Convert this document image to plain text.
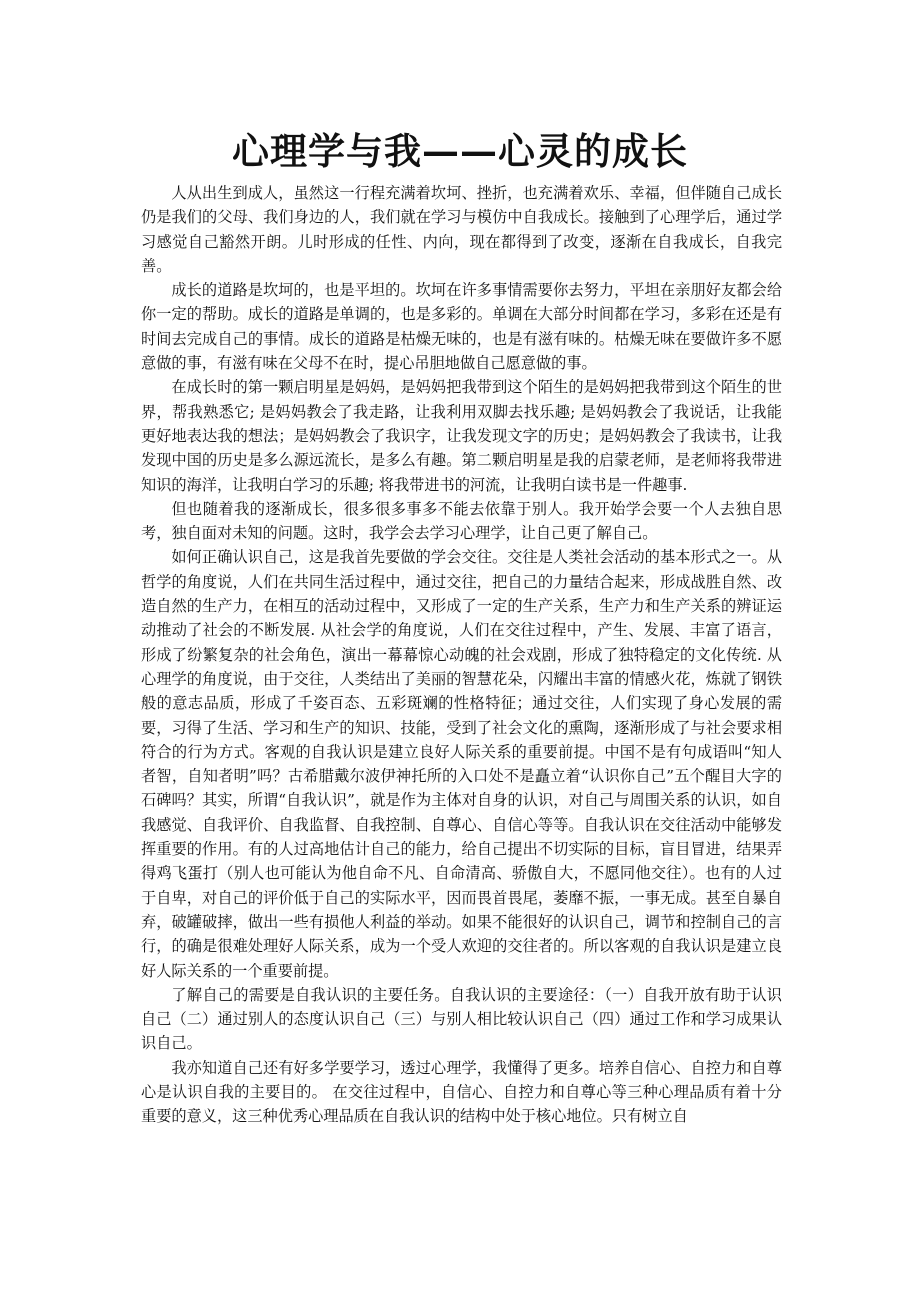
心理学与我——心灵的成长

人从出生到成人，虽然这一行程充满着坎坷、挫折，也充满着欢乐、幸福，但伴随自己成长仍是我们的父母、我们身边的人，我们就在学习与模仿中自我成长。接触到了心理学后，通过学习感觉自己豁然开朗。儿时形成的任性、内向，现在都得到了改变，逐渐在自我成长，自我完善。

成长的道路是坎坷的，也是平坦的。坎坷在许多事情需要你去努力，平坦在亲朋好友都会给你一定的帮助。成长的道路是单调的，也是多彩的。单调在大部分时间都在学习，多彩在还是有时间去完成自己的事情。成长的道路是枯燥无味的，也是有滋有味的。枯燥无味在要做许多不愿意做的事，有滋有味在父母不在时，提心吊胆地做自己愿意做的事。

在成长时的第一颗启明星是妈妈，是妈妈把我带到这个陌生的是妈妈把我带到这个陌生的世界，帮我熟悉它; 是妈妈教会了我走路，让我利用双脚去找乐趣; 是妈妈教会了我说话，让我能更好地表达我的想法；是妈妈教会了我识字，让我发现文字的历史；是妈妈教会了我读书，让我发现中国的历史是多么源远流长，是多么有趣。第二颗启明星是我的启蒙老师，是老师将我带进知识的海洋，让我明白学习的乐趣; 将我带进书的河流，让我明白读书是一件趣事.

但也随着我的逐渐成长，很多很多事多不能去依靠于别人。我开始学会要一个人去独自思考，独自面对未知的问题。这时，我学会去学习心理学，让自己更了解自己。

如何正确认识自己，这是我首先要做的学会交往。交往是人类社会活动的基本形式之一。从哲学的角度说，人们在共同生活过程中，通过交往，把自己的力量结合起来，形成战胜自然、改造自然的生产力，在相互的活动过程中，又形成了一定的生产关系，生产力和生产关系的辨证运动推动了社会的不断发展. 从社会学的角度说，人们在交往过程中，产生、发展、丰富了语言，形成了纷繁复杂的社会角色，演出一幕幕惊心动魄的社会戏剧，形成了独特稳定的文化传统. 从心理学的角度说，由于交往，人类结出了美丽的智慧花朵，闪耀出丰富的情感火花，炼就了钢铁般的意志品质，形成了千姿百态、五彩斑斓的性格特征；通过交往，人们实现了身心发展的需要，习得了生活、学习和生产的知识、技能，受到了社会文化的熏陶，逐渐形成了与社会要求相符合的行为方式。客观的自我认识是建立良好人际关系的重要前提。中国不是有句成语叫“知人者智，自知者明”吗？古希腊戴尔波伊神托所的入口处不是矗立着“认识你自己”五个醒目大字的石碑吗？其实，所谓“自我认识”，就是作为主体对自身的认识，对自己与周围关系的认识，如自我感觉、自我评价、自我监督、自我控制、自尊心、自信心等等。自我认识在交往活动中能够发挥重要的作用。有的人过高地估计自己的能力，给自己提出不切实际的目标，盲目冒进，结果弄得鸡飞蛋打（别人也可能认为他自命不凡、自命清高、骄傲自大，不愿同他交往）。也有的人过于自卑，对自己的评价低于自己的实际水平，因而畏首畏尾，萎靡不振，一事无成。甚至自暴自弃，破罐破摔，做出一些有损他人利益的举动。如果不能很好的认识自己，调节和控制自己的言行，的确是很难处理好人际关系，成为一个受人欢迎的交往者的。所以客观的自我认识是建立良好人际关系的一个重要前提。

了解自己的需要是自我认识的主要任务。自我认识的主要途径：（一）自我开放有助于认识自己（二）通过别人的态度认识自己（三）与别人相比较认识自己（四）通过工作和学习成果认识自己。

我亦知道自己还有好多学要学习，透过心理学，我懂得了更多。培养自信心、自控力和自尊心是认识自我的主要目的。 在交往过程中，自信心、自控力和自尊心等三种心理品质有着十分重要的意义，这三种优秀心理品质在自我认识的结构中处于核心地位。只有树立自
